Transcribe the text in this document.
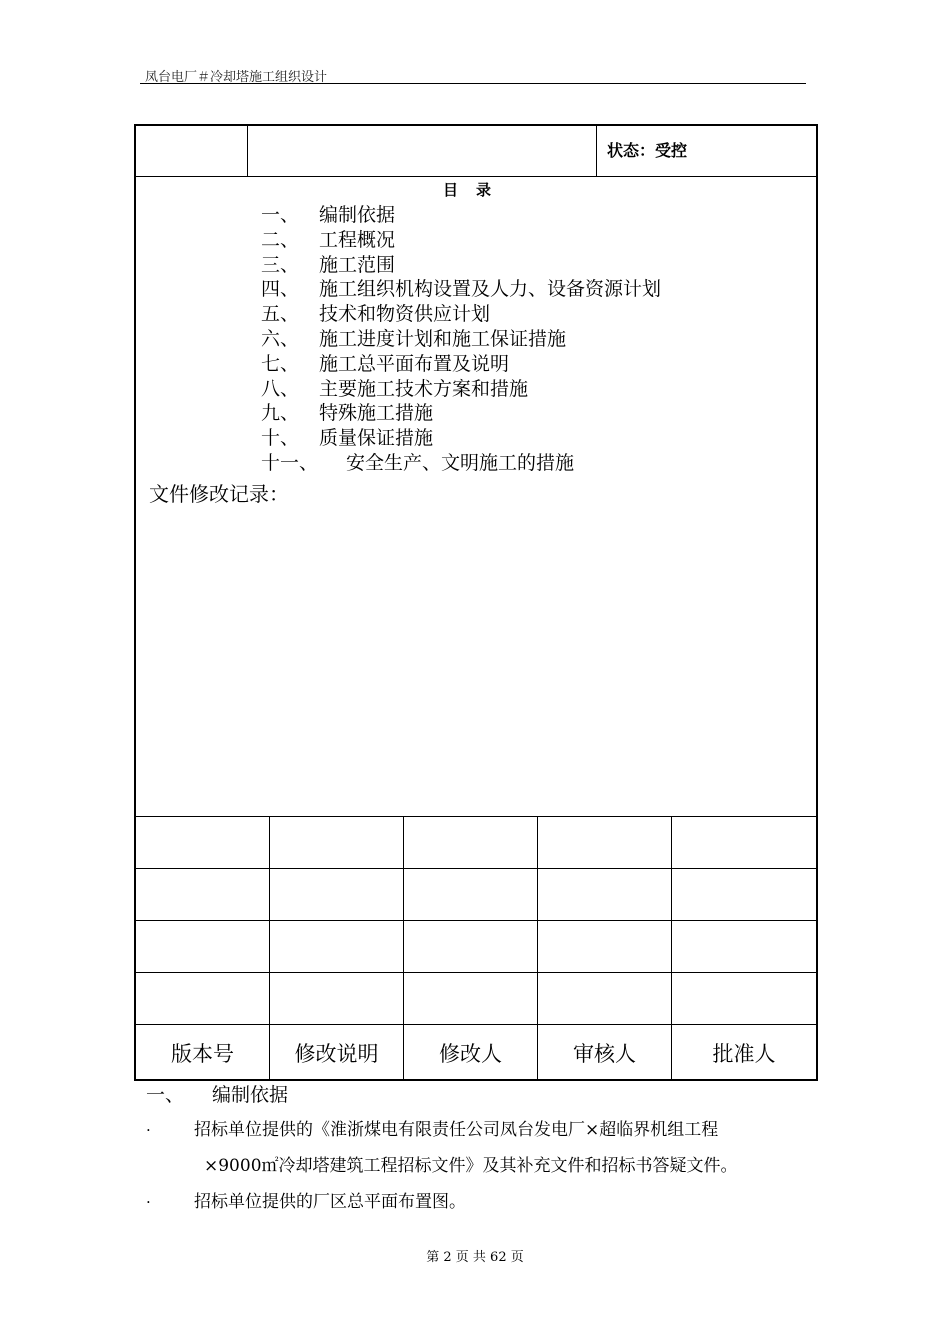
凤台电厂＃冷却塔施工组织设计
状态：受控
目录
一、 编制依据
二、 工程概况
三、 施工范围
四、 施工组织机构设置及人力、设备资源计划
五、 技术和物资供应计划
六、 施工进度计划和施工保证措施
七、 施工总平面布置及说明
八、 主要施工技术方案和措施
九、 特殊施工措施
十、 质量保证措施
十一、 安全生产、文明施工的措施
文件修改记录：
版本号	修改说明	修改人	审核人	批准人
一、 编制依据
.	招标单位提供的《淮浙煤电有限责任公司凤台发电厂×超临界机组工程
×9000㎡冷却塔建筑工程招标文件》及其补充文件和招标书答疑文件。
.	招标单位提供的厂区总平面布置图。
第 2 页 共 62 页
